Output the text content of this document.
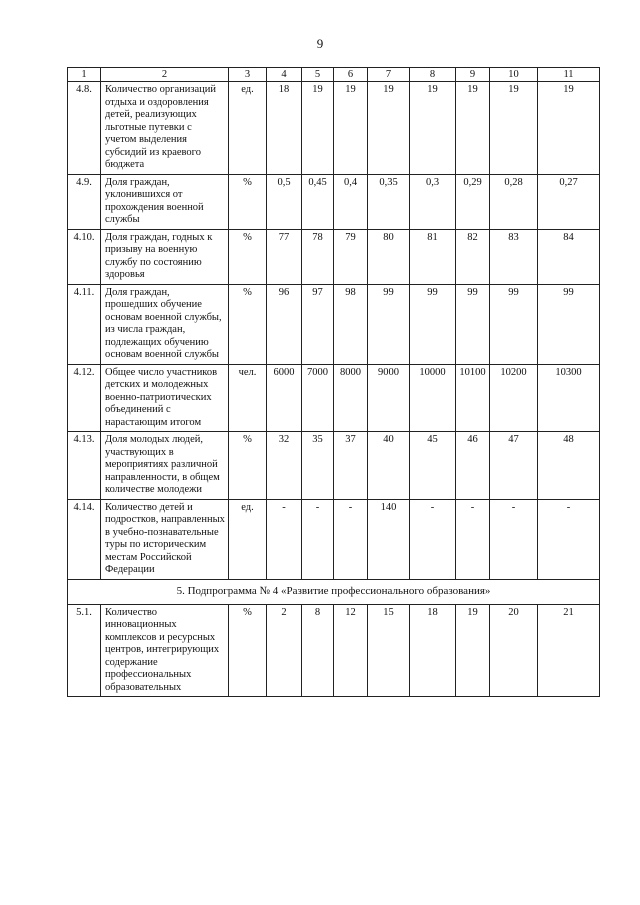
9
1	2	3	4	5	6	7	8	9	10	11
4.8.	Количество организаций отдыха и оздоровления детей, реализующих льготные путевки с учетом выделения субсидий из краевого бюджета	ед.	18	19	19	19	19	19	19	19
4.9.	Доля граждан, уклонившихся от прохождения военной службы	%	0,5	0,45	0,4	0,35	0,3	0,29	0,28	0,27
4.10.	Доля граждан, годных к призыву на военную службу по состоянию здоровья	%	77	78	79	80	81	82	83	84
4.11.	Доля граждан, прошедших обучение основам военной службы, из числа граждан, подлежащих обучению основам военной службы	%	96	97	98	99	99	99	99	99
4.12.	Общее число участников детских и молодежных военно-патриотических объединений с нарастающим итогом	чел.	6000	7000	8000	9000	10000	10100	10200	10300
4.13.	Доля молодых людей, участвующих в мероприятиях различной направленности, в общем количестве молодежи	%	32	35	37	40	45	46	47	48
4.14.	Количество детей и подростков, направленных в учебно-познавательные туры по историческим местам Российской Федерации	ед.	-	-	-	140	-	-	-	-
5. Подпрограмма № 4 «Развитие профессионального образования»										
5.1.	Количество инновационных комплексов и ресурсных центров, интегрирующих содержание профессиональных образовательных	%	2	8	12	15	18	19	20	21
